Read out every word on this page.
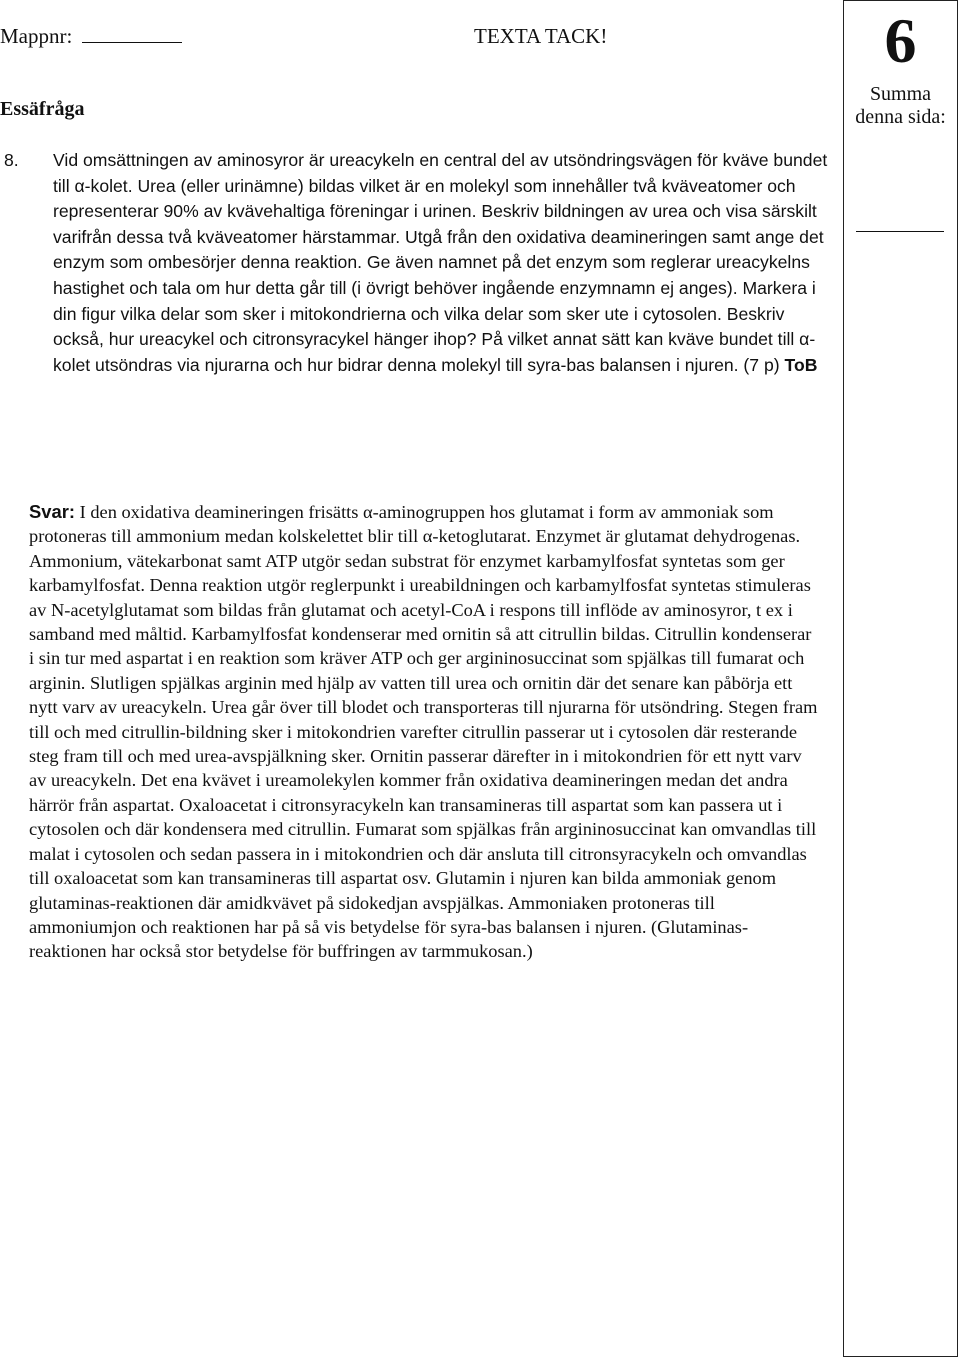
Mappnr:	TEXTA TACK!	6
Summa denna sida:
Essäfråga
8. Vid omsättningen av aminosyror är ureacykeln en central del av utsöndringsvägen för kväve bundet till α-kolet. Urea (eller urinämne) bildas vilket är en molekyl som innehåller två kväveatomer och representerar 90% av kvävehaltiga föreningar i urinen. Beskriv bildningen av urea och visa särskilt varifrån dessa två kväveatomer härstammar. Utgå från den oxidativa deamineringen samt ange det enzym som ombesörjer denna reaktion. Ge även namnet på det enzym som reglerar ureacykelns hastighet och tala om hur detta går till (i övrigt behöver ingående enzymnamn ej anges). Markera i din figur vilka delar som sker i mitokondrierna och vilka delar som sker ute i cytosolen. Beskriv också, hur ureacykel och citronsyracykel hänger ihop? På vilket annat sätt kan kväve bundet till α-kolet utsöndras via njurarna och hur bidrar denna molekyl till syra-bas balansen i njuren. (7 p) ToB
Svar: I den oxidativa deamineringen frisätts α-aminogruppen hos glutamat i form av ammoniak som protoneras till ammonium medan kolskelettet blir till α-ketoglutarat. Enzymet är glutamat dehydrogenas. Ammonium, vätekarbonat samt ATP utgör sedan substrat för enzymet karbamylfosfat syntetas som ger karbamylfosfat. Denna reaktion utgör reglerpunkt i ureabildningen och karbamylfosfat syntetas stimuleras av N-acetylglutamat som bildas från glutamat och acetyl-CoA i respons till inflöde av aminosyror, t ex i samband med måltid. Karbamylfosfat kondenserar med ornitin så att citrullin bildas. Citrullin kondenserar i sin tur med aspartat i en reaktion som kräver ATP och ger argininosuccinat som spjälkas till fumarat och arginin. Slutligen spjälkas arginin med hjälp av vatten till urea och ornitin där det senare kan påbörja ett nytt varv av ureacykeln. Urea går över till blodet och transporteras till njurarna för utsöndring. Stegen fram till och med citrullin-bildning sker i mitokondrien varefter citrullin passerar ut i cytosolen där resterande steg fram till och med urea-avspjälkning sker. Ornitin passerar därefter in i mitokondrien för ett nytt varv av ureacykeln. Det ena kvävet i ureamolekylen kommer från oxidativa deamineringen medan det andra härrör från aspartat. Oxaloacetat i citronsyracykeln kan transamineras till aspartat som kan passera ut i cytosolen och där kondensera med citrullin. Fumarat som spjälkas från argininosuccinat kan omvandlas till malat i cytosolen och sedan passera in i mitokondrien och där ansluta till citronsyracykeln och omvandlas till oxaloacetat som kan transamineras till aspartat osv. Glutamin i njuren kan bilda ammoniak genom glutaminas-reaktionen där amidkvävet på sidokedjan avspjälkas. Ammoniaken protoneras till ammoniumjon och reaktionen har på så vis betydelse för syra-bas balansen i njuren. (Glutaminas-reaktionen har också stor betydelse för buffringen av tarmmukosan.)
